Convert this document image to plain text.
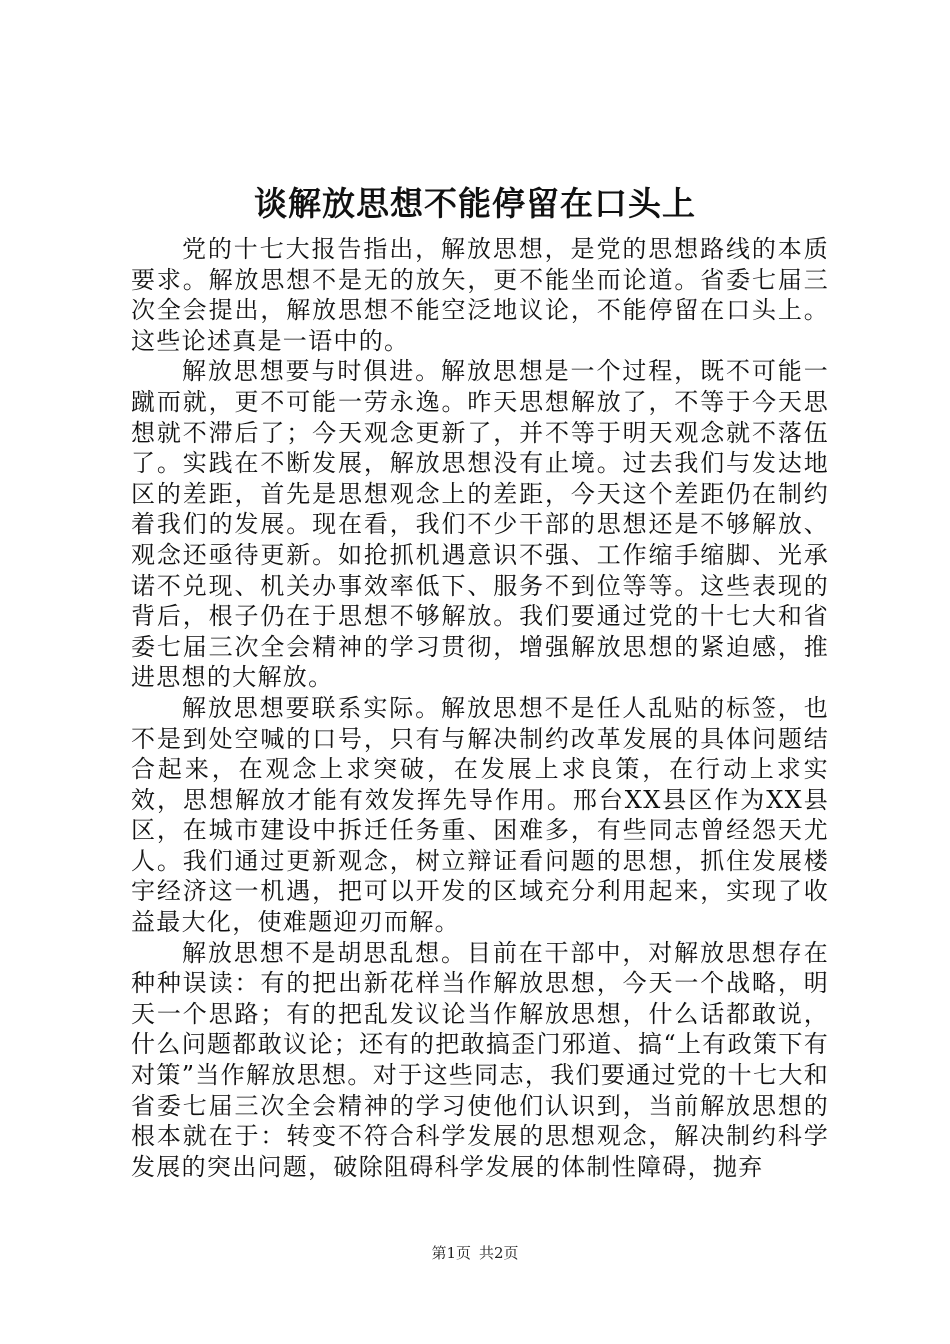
谈解放思想不能停留在口头上

党的十七大报告指出，解放思想，是党的思想路线的本质要求。解放思想不是无的放矢，更不能坐而论道。省委七届三次全会提出，解放思想不能空泛地议论，不能停留在口头上。这些论述真是一语中的。

解放思想要与时俱进。解放思想是一个过程，既不可能一蹴而就，更不可能一劳永逸。昨天思想解放了，不等于今天思想就不滞后了；今天观念更新了，并不等于明天观念就不落伍了。实践在不断发展，解放思想没有止境。过去我们与发达地区的差距，首先是思想观念上的差距，今天这个差距仍在制约着我们的发展。现在看，我们不少干部的思想还是不够解放、观念还亟待更新。如抢抓机遇意识不强、工作缩手缩脚、光承诺不兑现、机关办事效率低下、服务不到位等等。这些表现的背后，根子仍在于思想不够解放。我们要通过党的十七大和省委七届三次全会精神的学习贯彻，增强解放思想的紧迫感，推进思想的大解放。

解放思想要联系实际。解放思想不是任人乱贴的标签，也不是到处空喊的口号，只有与解决制约改革发展的具体问题结合起来，在观念上求突破，在发展上求良策，在行动上求实效，思想解放才能有效发挥先导作用。邢台XX县区作为XX县区，在城市建设中拆迁任务重、困难多，有些同志曾经怨天尤人。我们通过更新观念，树立辩证看问题的思想，抓住发展楼宇经济这一机遇，把可以开发的区域充分利用起来，实现了收益最大化，使难题迎刃而解。

解放思想不是胡思乱想。目前在干部中，对解放思想存在种种误读：有的把出新花样当作解放思想，今天一个战略，明天一个思路；有的把乱发议论当作解放思想，什么话都敢说，什么问题都敢议论；还有的把敢搞歪门邪道、搞“上有政策下有对策”当作解放思想。对于这些同志，我们要通过党的十七大和省委七届三次全会精神的学习使他们认识到，当前解放思想的根本就在于：转变不符合科学发展的思想观念，解决制约科学发展的突出问题，破除阻碍科学发展的体制性障碍，抛弃

第1页 共2页
